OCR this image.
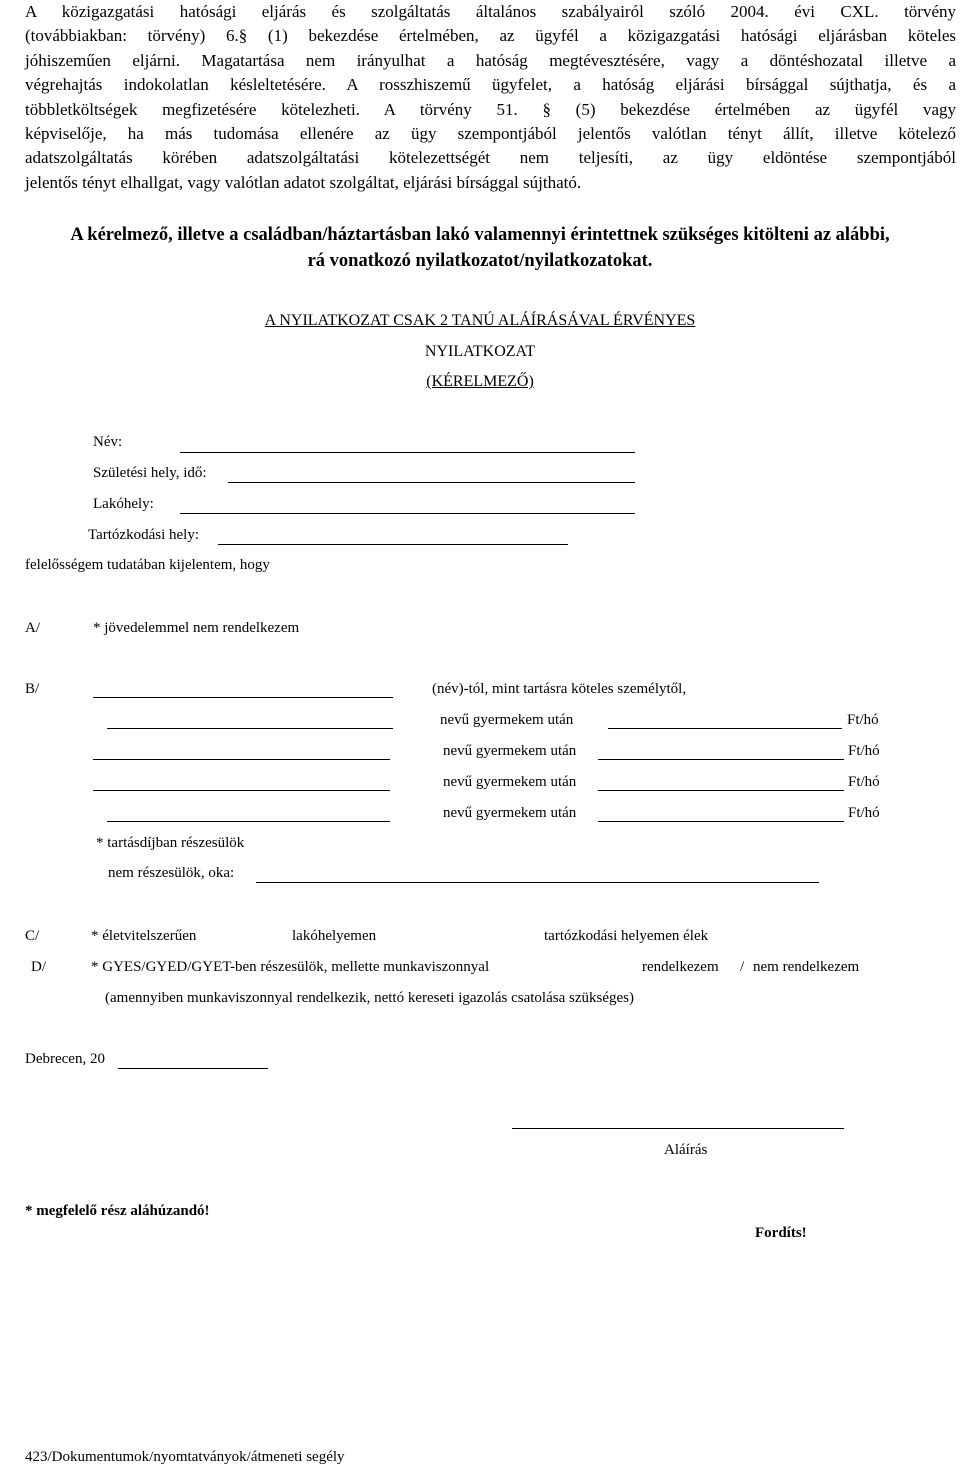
A közigazgatási hatósági eljárás és szolgáltatás általános szabályairól szóló 2004. évi CXL. törvény
(továbbiakban: törvény) 6.§ (1) bekezdése értelmében, az ügyfél a közigazgatási hatósági eljárásban köteles
jóhiszeműen eljárni. Magatartása nem irányulhat a hatóság megtévesztésére, vagy a döntéshozatal illetve a
végrehajtás indokolatlan késleltetésére. A rosszhiszemű ügyfelet, a hatóság eljárási bírsággal sújthatja, és a
többletköltségek megfizetésére kötelezheti. A törvény 51. § (5) bekezdése értelmében az ügyfél vagy
képviselője, ha más tudomása ellenére az ügy szempontjából jelentős valótlan tényt állít, illetve kötelező
adatszolgáltatás körében adatszolgáltatási kötelezettségét nem teljesíti, az ügy eldöntése szempontjából
jelentős tényt elhallgat, vagy valótlan adatot szolgáltat, eljárási bírsággal sújtható.
A kérelmező, illetve a családban/háztartásban lakó valamennyi érintettnek szükséges kitölteni az alábbi,
rá vonatkozó nyilatkozatot/nyilatkozatokat.
A NYILATKOZAT CSAK 2 TANÚ ALÁÍRÁSÁVAL ÉRVÉNYES
NYILATKOZAT
(KÉRELMEZŐ)
Név:
Születési hely, idő:
Lakóhely:
Tartózkodási hely:
felelősségem tudatában kijelentem, hogy
A/	* jövedelemmel nem rendelkezem
B/	(név)-tól, mint tartásra köteles személytől,
nevű gyermekem után	Ft/hó
nevű gyermekem után	Ft/hó
nevű gyermekem után	Ft/hó
nevű gyermekem után	Ft/hó
* tartásdíjban részesülök
nem részesülök, oka:
C/	* életvitelszerűen	lakóhelyemen	tartózkodási helyemen élek
D/	* GYES/GYED/GYET-ben részesülök, mellette munkaviszonnyal	rendelkezem / nem rendelkezem
(amennyiben munkaviszonnyal rendelkezik, nettó kereseti igazolás csatolása szükséges)
Debrecen, 20
Aláírás
* megfelelő rész aláhúzandó!
Fordíts!
423/Dokumentumok/nyomtatványok/átmeneti segély
